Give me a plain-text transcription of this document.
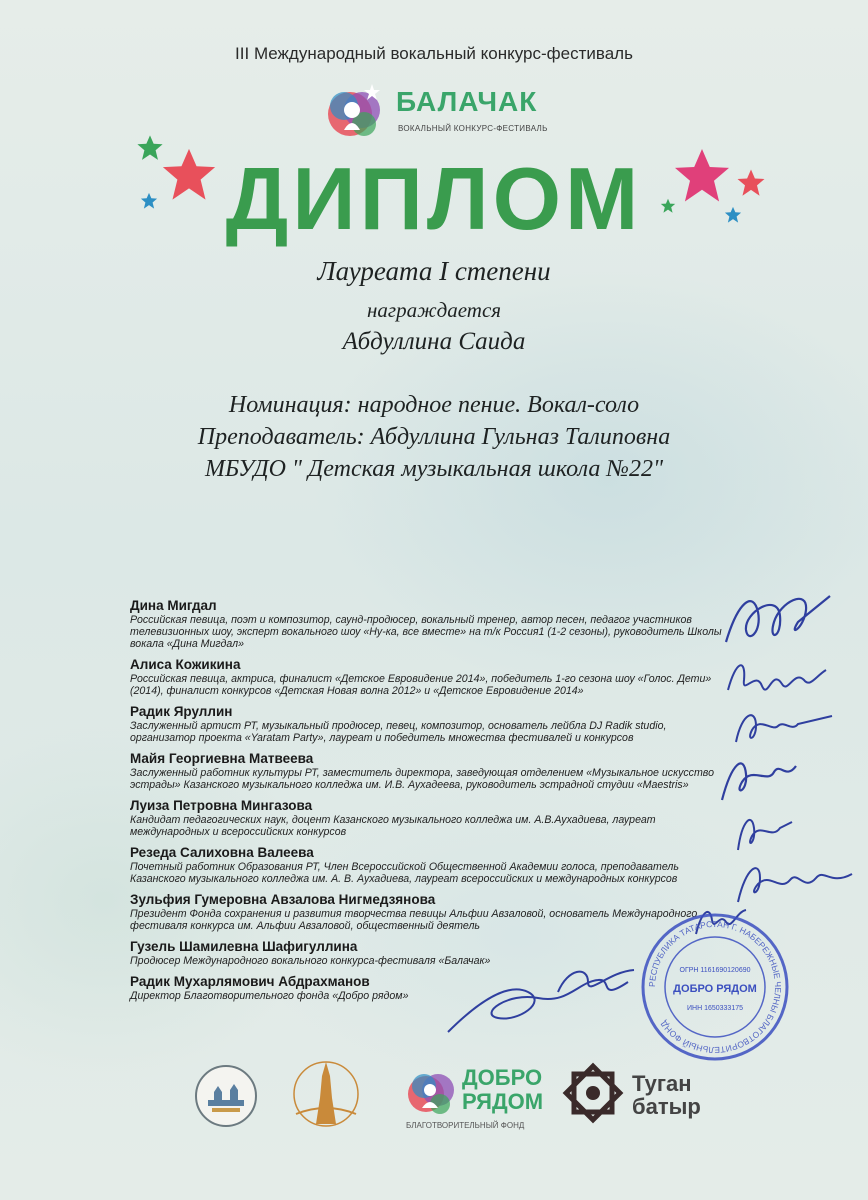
III Международный вокальный конкурс-фестиваль
БАЛАЧАК
ВОКАЛЬНЫЙ КОНКУРС-ФЕСТИВАЛЬ
ДИПЛОМ
Лауреата I степени
награждается
Абдуллина Саида
Номинация: народное пение. Вокал-соло
Преподаватель: Абдуллина Гульназ Талиповна
МБУДО " Детская музыкальная школа №22"
Дина Мигдал
Российская певица, поэт и композитор, саунд-продюсер, вокальный тренер, автор песен, педагог участников телевизионных шоу, эксперт вокального шоу «Ну-ка, все вместе» на т/к Россия1 (1-2 сезоны), руководитель Школы вокала «Дина Мигдал»
Алиса Кожикина
Российская певица, актриса, финалист «Детское Евровидение 2014», победитель 1-го сезона шоу «Голос. Дети» (2014), финалист конкурсов «Детская Новая волна 2012» и «Детское Евровидение 2014»
Радик Яруллин
Заслуженный артист РТ, музыкальный продюсер, певец, композитор, основатель лейбла DJ Radik studio, организатор проекта «Yaratam Party», лауреат и победитель множества фестивалей и конкурсов
Майя Георгиевна Матвеева
Заслуженный работник культуры РТ, заместитель директора, заведующая отделением «Музыкальное искусство эстрады» Казанского музыкального колледжа им. И.В. Аухадеева, руководитель эстрадной студии «Maestris»
Луиза Петровна Мингазова
Кандидат педагогических наук, доцент Казанского музыкального колледжа им. А.В.Аухадиева, лауреат международных и всероссийских конкурсов
Резеда Салиховна Валеева
Почетный работник Образования РТ, Член Всероссийской Общественной Академии голоса, преподаватель Казанского музыкального колледжа им. А. В. Аухадиева, лауреат всероссийских и международных конкурсов
Зульфия Гумеровна Авзалова Нигмедзянова
Президент Фонда сохранения и развития творчества певицы Альфии Авзаловой, основатель Международного фестиваля конкурса им. Альфии Авзаловой, общественный деятель
Гузель Шамилевна Шафигуллина
Продюсер Международного вокального конкурса-фестиваля «Балачак»
Радик Мухарлямович Абдрахманов
Директор Благотворительного фонда «Добро рядом»
РЕСПУБЛИКА ТАТАРСТАН Г. НАБЕРЕЖНЫЕ ЧЕЛНЫ БЛАГОТВОРИТЕЛЬНЫЙ ФОНД
ОГРН 1161690120690
ИНН 1650333175
ДОБРО РЯДОМ
ДОБРО РЯДОМ
БЛАГОТВОРИТЕЛЬНЫЙ ФОНД
Туган батыр
